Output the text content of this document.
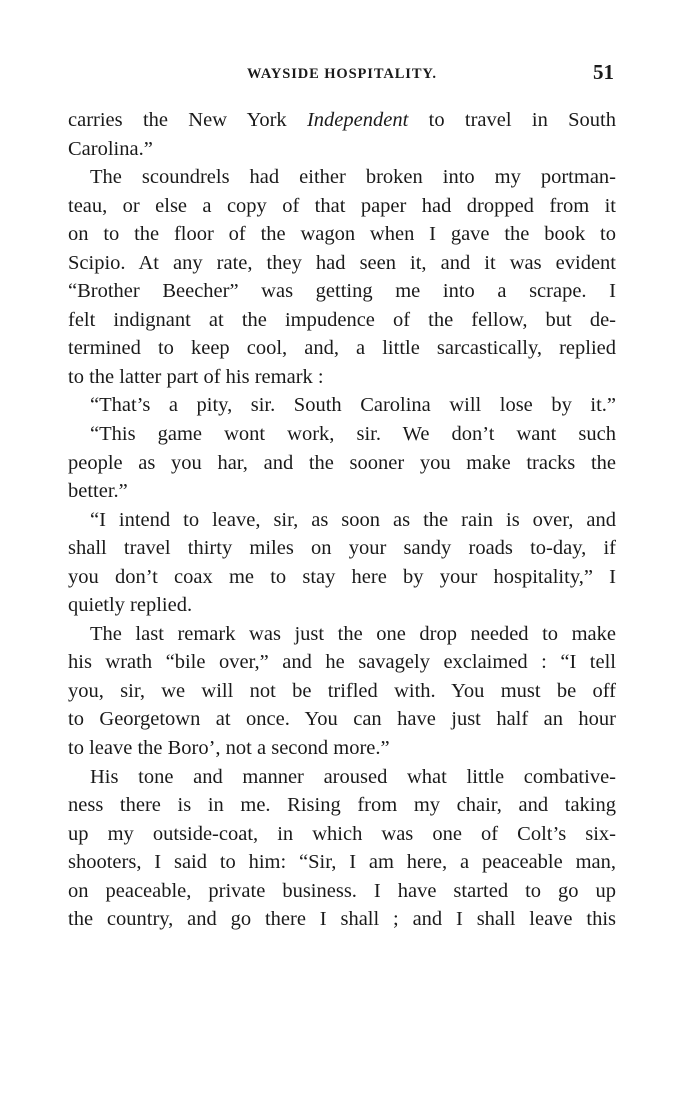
WAYSIDE HOSPITALITY.	51
carries the New York Independent to travel in South
Carolina.”
The scoundrels had either broken into my portman-
teau, or else a copy of that paper had dropped from it
on to the floor of the wagon when I gave the book to
Scipio. At any rate, they had seen it, and it was evident
“Brother Beecher” was getting me into a scrape. I
felt indignant at the impudence of the fellow, but de-
termined to keep cool, and, a little sarcastically, replied
to the latter part of his remark :
“That’s a pity, sir. South Carolina will lose by it.”
“This game wont work, sir. We don’t want such
people as you har, and the sooner you make tracks the
better.”
“I intend to leave, sir, as soon as the rain is over, and
shall travel thirty miles on your sandy roads to-day, if
you don’t coax me to stay here by your hospitality,” I
quietly replied.
The last remark was just the one drop needed to make
his wrath “bile over,” and he savagely exclaimed : “I tell
you, sir, we will not be trifled with. You must be off
to Georgetown at once. You can have just half an hour
to leave the Boro’, not a second more.”
His tone and manner aroused what little combative-
ness there is in me. Rising from my chair, and taking
up my outside-coat, in which was one of Colt’s six-
shooters, I said to him: “Sir, I am here, a peaceable man,
on peaceable, private business. I have started to go up
the country, and go there I shall ; and I shall leave this
